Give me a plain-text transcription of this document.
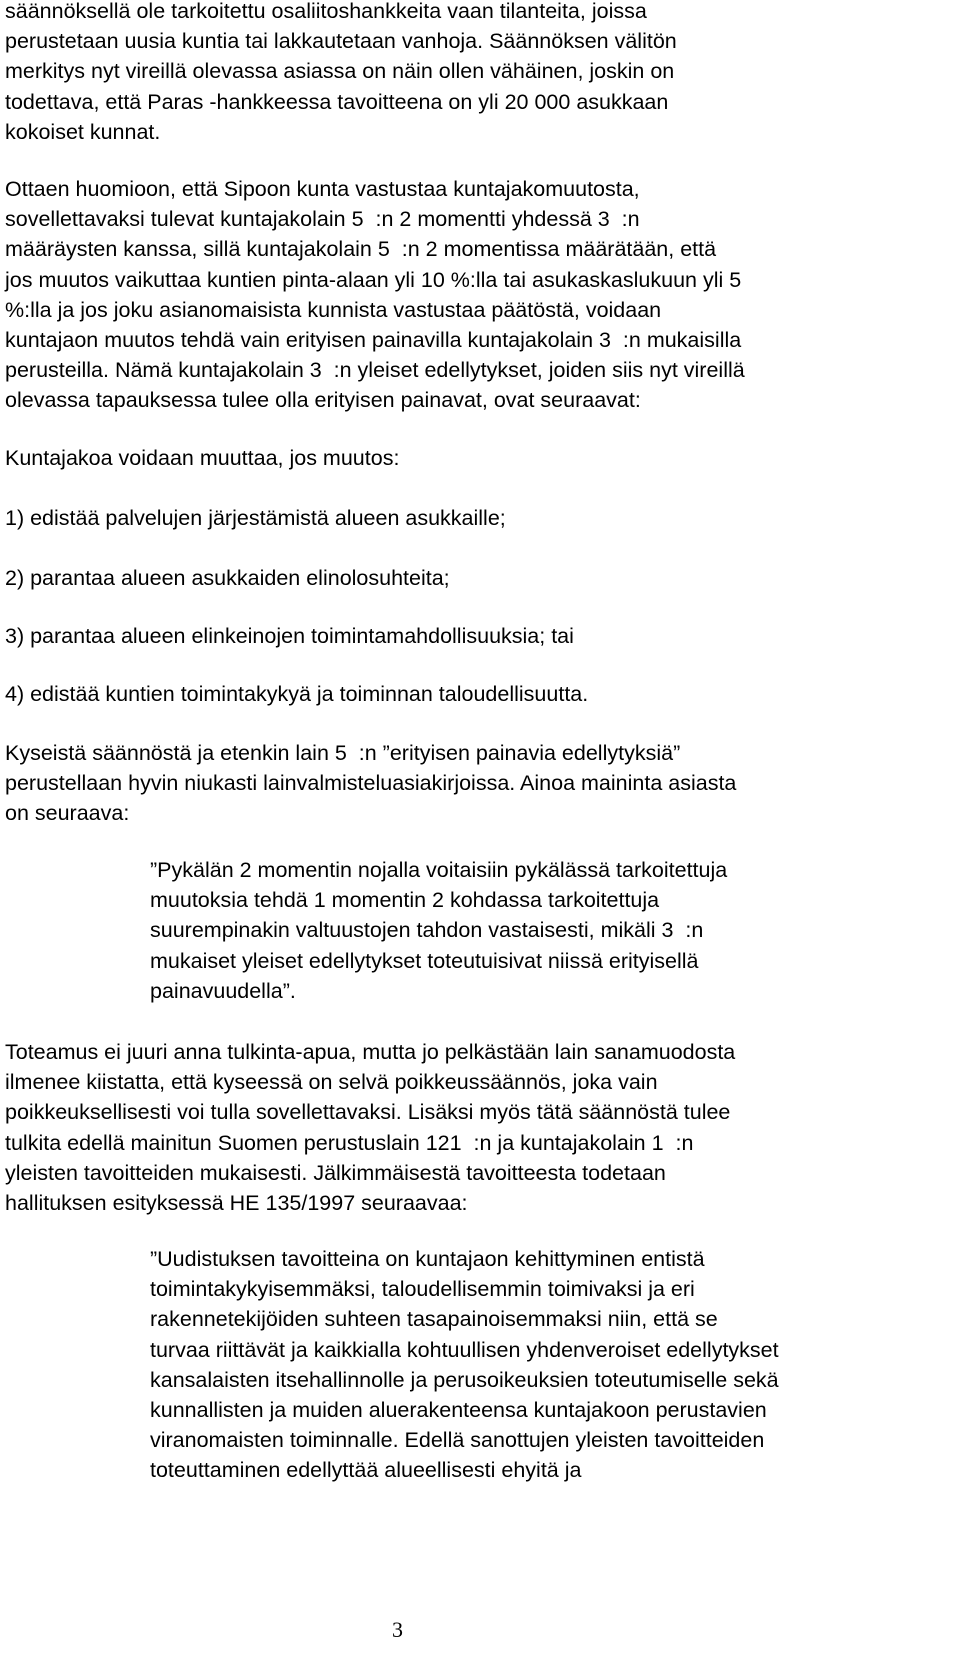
säännöksellä ole tarkoitettu osaliitoshankkeita vaan tilanteita, joissa
perustetaan uusia kuntia tai lakkautetaan vanhoja. Säännöksen välitön
merkitys nyt vireillä olevassa asiassa on näin ollen vähäinen, joskin on
todettava, että Paras -hankkeessa tavoitteena on yli 20 000 asukkaan
kokoiset kunnat.

Ottaen huomioon, että Sipoon kunta vastustaa kuntajakomuutosta,
sovellettavaksi tulevat kuntajakolain 5  :n 2 momentti yhdessä 3  :n
määräysten kanssa, sillä kuntajakolain 5  :n 2 momentissa määrätään, että
jos muutos vaikuttaa kuntien pinta-alaan yli 10 %:lla tai asukaskaslukuun yli 5
%:lla ja jos joku asianomaisista kunnista vastustaa päätöstä, voidaan
kuntajaon muutos tehdä vain erityisen painavilla kuntajakolain 3  :n mukaisilla
perusteilla. Nämä kuntajakolain 3  :n yleiset edellytykset, joiden siis nyt vireillä
olevassa tapauksessa tulee olla erityisen painavat, ovat seuraavat:

Kuntajakoa voidaan muuttaa, jos muutos:

1) edistää palvelujen järjestämistä alueen asukkaille;

2) parantaa alueen asukkaiden elinolosuhteita;

3) parantaa alueen elinkeinojen toimintamahdollisuuksia; tai

4) edistää kuntien toimintakykyä ja toiminnan taloudellisuutta.

Kyseistä säännöstä ja etenkin lain 5  :n ”erityisen painavia edellytyksiä”
perustellaan hyvin niukasti lainvalmisteluasiakirjoissa. Ainoa maininta asiasta
on seuraava:

”Pykälän 2 momentin nojalla voitaisiin pykälässä tarkoitettuja
muutoksia tehdä 1 momentin 2 kohdassa tarkoitettuja
suurempinakin valtuustojen tahdon vastaisesti, mikäli 3  :n
mukaiset yleiset edellytykset toteutuisivat niissä erityisellä
painavuudella”.

Toteamus ei juuri anna tulkinta-apua, mutta jo pelkästään lain sanamuodosta
ilmenee kiistatta, että kyseessä on selvä poikkeussäännös, joka vain
poikkeuksellisesti voi tulla sovellettavaksi. Lisäksi myös tätä säännöstä tulee
tulkita edellä mainitun Suomen perustuslain 121  :n ja kuntajakolain 1  :n
yleisten tavoitteiden mukaisesti. Jälkimmäisestä tavoitteesta todetaan
hallituksen esityksessä HE 135/1997 seuraavaa:

”Uudistuksen tavoitteina on kuntajaon kehittyminen entistä
toimintakykyisemmäksi, taloudellisemmin toimivaksi ja eri
rakennetekijöiden suhteen tasapainoisemmaksi niin, että se
turvaa riittävät ja kaikkialla kohtuullisen yhdenveroiset edellytykset
kansalaisten itsehallinnolle ja perusoikeuksien toteutumiselle sekä
kunnallisten ja muiden aluerakenteensa kuntajakoon perustavien
viranomaisten toiminnalle. Edellä sanottujen yleisten tavoitteiden
toteuttaminen edellyttää alueellisesti ehyitä ja

3
